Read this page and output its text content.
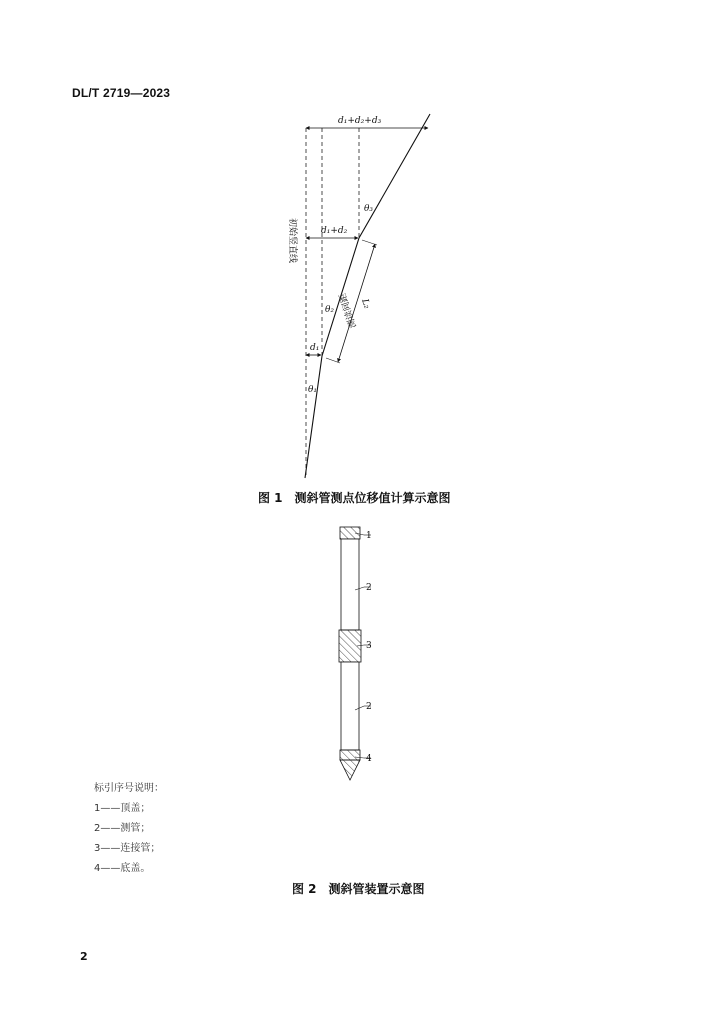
DL/T 2719—2023
d₁+d₂+d₃
d₁+d₂
d₁
θ₃
θ₂
θ₁
L₂
测读间距
初始竖直线
1
2
3
2
4
图 1　测斜管测点位移值计算示意图
标引序号说明：
1——顶盖；
2——测管；
3——连接管；
4——底盖。
图 2　测斜管装置示意图
2
